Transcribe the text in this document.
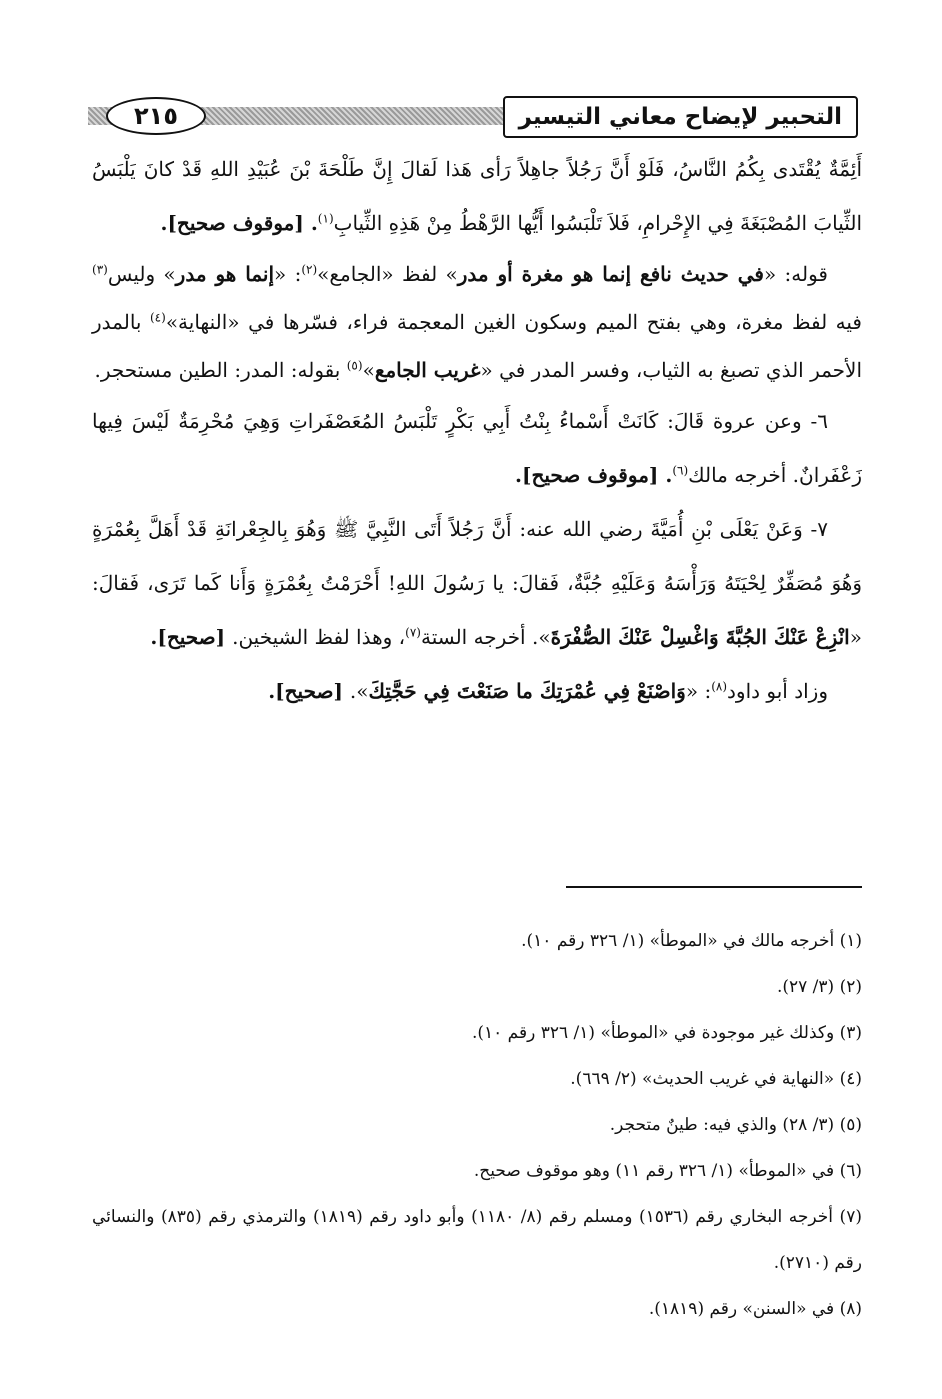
التحبير لإيضاح معاني التيسير
٢١٥

أَئِمَّةٌ يُقْتَدى بِكُمُ النَّاسُ، فَلَوْ أَنَّ رَجُلاً جاهِلاً رَأى هَذا لَقالَ إِنَّ طَلْحَةَ بْنَ عُبَيْدِ اللهِ قَدْ كانَ يَلْبَسُ الثِّيابَ المُصْبَغَةَ فِي الإِحْرامِ، فَلاَ تَلْبَسُوا أَيُّها الرَّهْطُ مِنْ هَذِهِ الثِّيابِ$^{(١)}$. [موقوف صحيح].

قوله: «في حديث نافع إنما هو مغرة أو مدر» لفظ «الجامع»$^{(٢)}$: «إنما هو مدر» وليس$^{(٣)}$ فيه لفظ مغرة، وهي بفتح الميم وسكون الغين المعجمة فراء، فسّرها في «النهاية»$^{(٤)}$ بالمدر الأحمر الذي تصبغ به الثياب، وفسر المدر في «غريب الجامع»$^{(٥)}$ بقوله: المدر: الطين مستحجر.

٦- وعن عروة قَالَ: كَانَتْ أَسْماءُ بِنْتُ أَبِي بَكْرٍ تَلْبَسُ المُعَصْفَراتِ وَهِيَ مُحْرِمَةٌ لَيْسَ فِيها زَعْفَرانٌ. أخرجه مالك$^{(٦)}$. [موقوف صحيح].

٧- وَعَنْ يَعْلَى بْنِ أُمَيَّةَ رضي الله عنه: أَنَّ رَجُلاً أَتَى النَّبِيَّ ﷺ وَهُوَ بِالجِعْرانَةِ قَدْ أَهَلَّ بِعُمْرَةٍ وَهُوَ مُصَفِّرٌ لِحْيَتَهُ وَرَأْسَهُ وَعَلَيْهِ جُبَّةٌ، فَقالَ: يا رَسُولَ اللهِ! أَحْرَمْتُ بِعُمْرَةٍ وَأَنا كَما تَرَى، فَقالَ: «انْزِعْ عَنْكَ الجُبَّةَ وَاغْسِلْ عَنْكَ الصُّفْرَةَ». أخرجه الستة$^{(٧)}$، وهذا لفظ الشيخين. [صحيح].

وزاد أبو داود$^{(٨)}$: «وَاصْنَعْ فِي عُمْرَتِكَ ما صَنَعْتَ فِي حَجَّتِكَ». [صحيح].

(١) أخرجه مالك في «الموطأ» (١/ ٣٢٦ رقم ١٠).
(٢) (٣/ ٢٧).
(٣) وكذلك غير موجودة في «الموطأ» (١/ ٣٢٦ رقم ١٠).
(٤) «النهاية في غريب الحديث» (٢/ ٦٦٩).
(٥) (٣/ ٢٨) والذي فيه: طينٌ متحجر.
(٦) في «الموطأ» (١/ ٣٢٦ رقم ١١) وهو موقوف صحيح.
(٧) أخرجه البخاري رقم (١٥٣٦) ومسلم رقم (٨/ ١١٨٠) وأبو داود رقم (١٨١٩) والترمذي رقم (٨٣٥) والنسائي رقم (٢٧١٠).
(٨) في «السنن» رقم (١٨١٩).
